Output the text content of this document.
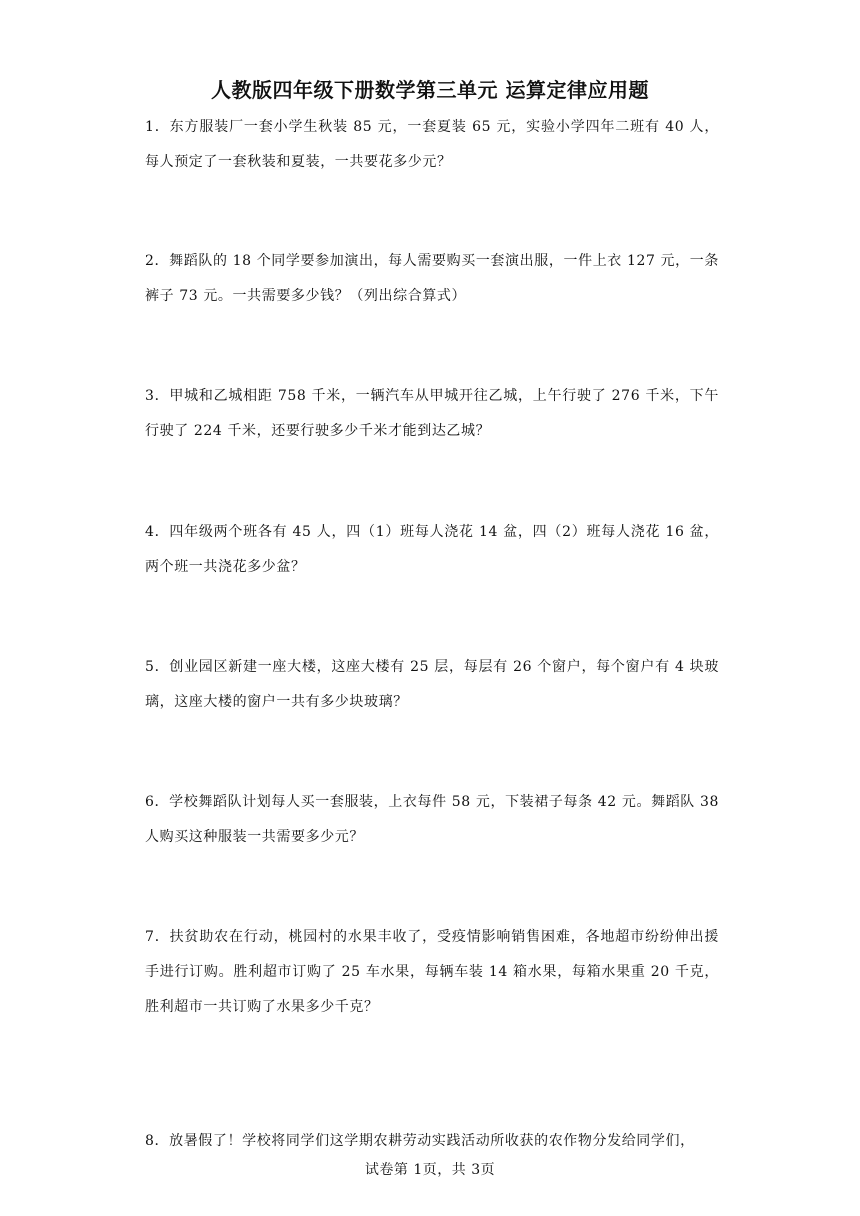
人教版四年级下册数学第三单元 运算定律应用题
1．东方服装厂一套小学生秋装 85 元，一套夏装 65 元，实验小学四年二班有 40 人，每人预定了一套秋装和夏装，一共要花多少元？
2．舞蹈队的 18 个同学要参加演出，每人需要购买一套演出服，一件上衣 127 元，一条裤子 73 元。一共需要多少钱？（列出综合算式）
3．甲城和乙城相距 758 千米，一辆汽车从甲城开往乙城，上午行驶了 276 千米，下午行驶了 224 千米，还要行驶多少千米才能到达乙城？
4．四年级两个班各有 45 人，四（1）班每人浇花 14 盆，四（2）班每人浇花 16 盆，两个班一共浇花多少盆？
5．创业园区新建一座大楼，这座大楼有 25 层，每层有 26 个窗户，每个窗户有 4 块玻璃，这座大楼的窗户一共有多少块玻璃？
6．学校舞蹈队计划每人买一套服装，上衣每件 58 元，下装裙子每条 42 元。舞蹈队 38 人购买这种服装一共需要多少元？
7．扶贫助农在行动，桃园村的水果丰收了，受疫情影响销售困难，各地超市纷纷伸出援手进行订购。胜利超市订购了 25 车水果，每辆车装 14 箱水果，每箱水果重 20 千克，胜利超市一共订购了水果多少千克？
8．放暑假了！学校将同学们这学期农耕劳动实践活动所收获的农作物分发给同学们，
试卷第 1页，共 3页
